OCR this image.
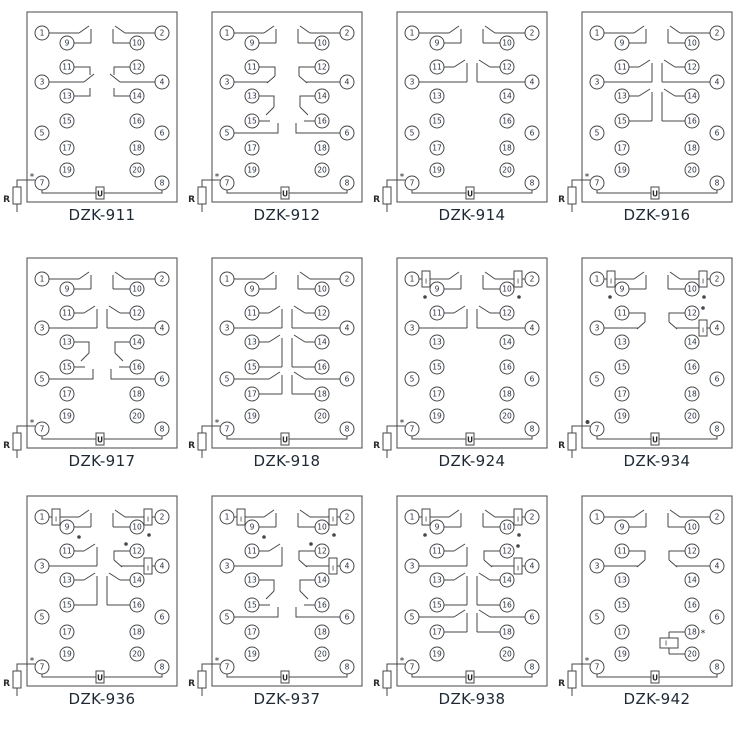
U
R
*
1
3
5
7
9
11
13
15
17
19
10
12
14
16
18
20
2
4
6
8
DZK-911
U
R
*
1
3
5
7
9
11
13
15
17
19
10
12
14
16
18
20
2
4
6
8
DZK-912
U
R
*
1
3
5
7
9
11
13
15
17
19
10
12
14
16
18
20
2
4
6
8
DZK-914
U
R
*
1
3
5
7
9
11
13
15
17
19
10
12
14
16
18
20
2
4
6
8
DZK-916
U
R
*
1
3
5
7
9
11
13
15
17
19
10
12
14
16
18
20
2
4
6
8
DZK-917
U
R
*
1
3
5
7
9
11
13
15
17
19
10
12
14
16
18
20
2
4
6
8
DZK-918
U
R
*
I	I
1
3
5
7
9
11
13
15
17
19
10
12
14
16
18
20
2
4
6
8
DZK-924
U
R
I	I
I
1
3
5
7
9
11
13
15
17
19
10
12
14
16
18
20
2
4
6
8
DZK-934
U
R
*
I	I
I
1
3
5
7
9
11
13
15
17
19
10
12
14
16
18
20
2
4
6
8
DZK-936
U
R
*
I	I
I
1
3
5
7
9
11
13
15
17
19
10
12
14
16
18
20
2
4
6
8
DZK-937
U
R
*
I	I
I
1
3
5
7
9
11
13
15
17
19
10
12
14
16
18
20
2
4
6
8
DZK-938
U
R
*
I
*
1
3
5
7
9
11
13
15
17
19
10
12
14
16
18
20
2
4
6
8
DZK-942
